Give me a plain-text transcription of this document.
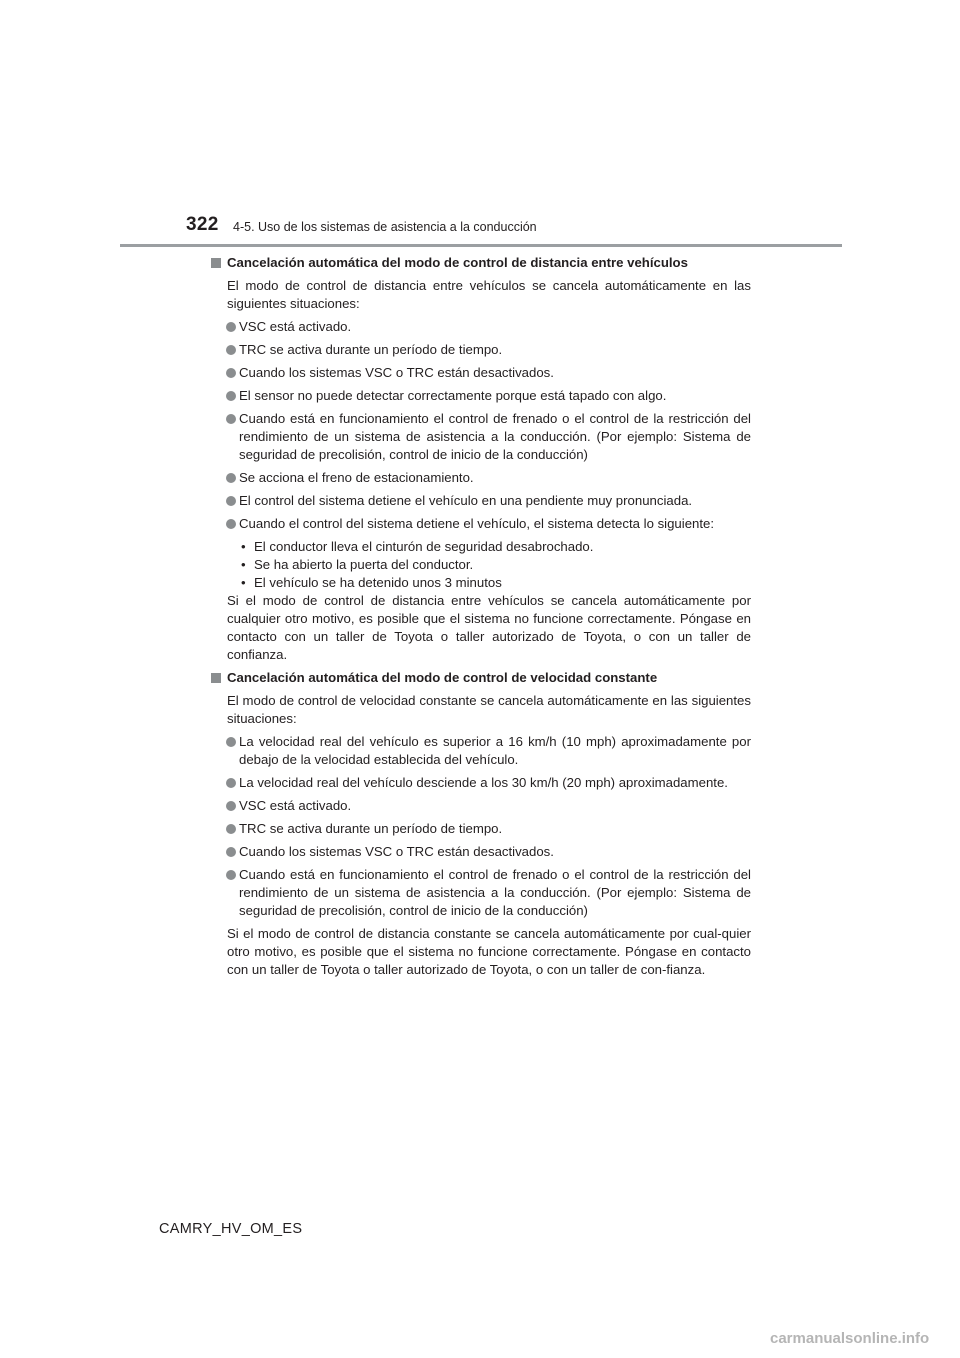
322 4-5. Uso de los sistemas de asistencia a la conducción
Cancelación automática del modo de control de distancia entre vehículos
El modo de control de distancia entre vehículos se cancela automáticamente en las siguientes situaciones:
VSC está activado.
TRC se activa durante un período de tiempo.
Cuando los sistemas VSC o TRC están desactivados.
El sensor no puede detectar correctamente porque está tapado con algo.
Cuando está en funcionamiento el control de frenado o el control de la restricción del rendimiento de un sistema de asistencia a la conducción. (Por ejemplo: Sistema de seguridad de precolisión, control de inicio de la conducción)
Se acciona el freno de estacionamiento.
El control del sistema detiene el vehículo en una pendiente muy pronunciada.
Cuando el control del sistema detiene el vehículo, el sistema detecta lo siguiente:
• El conductor lleva el cinturón de seguridad desabrochado.
• Se ha abierto la puerta del conductor.
• El vehículo se ha detenido unos 3 minutos
Si el modo de control de distancia entre vehículos se cancela automáticamente por cualquier otro motivo, es posible que el sistema no funcione correctamente. Póngase en contacto con un taller de Toyota o taller autorizado de Toyota, o con un taller de confianza.
Cancelación automática del modo de control de velocidad constante
El modo de control de velocidad constante se cancela automáticamente en las siguientes situaciones:
La velocidad real del vehículo es superior a 16 km/h (10 mph) aproximadamente por debajo de la velocidad establecida del vehículo.
La velocidad real del vehículo desciende a los 30 km/h (20 mph) aproximadamente.
VSC está activado.
TRC se activa durante un período de tiempo.
Cuando los sistemas VSC o TRC están desactivados.
Cuando está en funcionamiento el control de frenado o el control de la restricción del rendimiento de un sistema de asistencia a la conducción. (Por ejemplo: Sistema de seguridad de precolisión, control de inicio de la conducción)
Si el modo de control de distancia constante se cancela automáticamente por cual-quier otro motivo, es posible que el sistema no funcione correctamente. Póngase en contacto con un taller de Toyota o taller autorizado de Toyota, o con un taller de con-fianza.
CAMRY_HV_OM_ES
carmanualsonline.info
